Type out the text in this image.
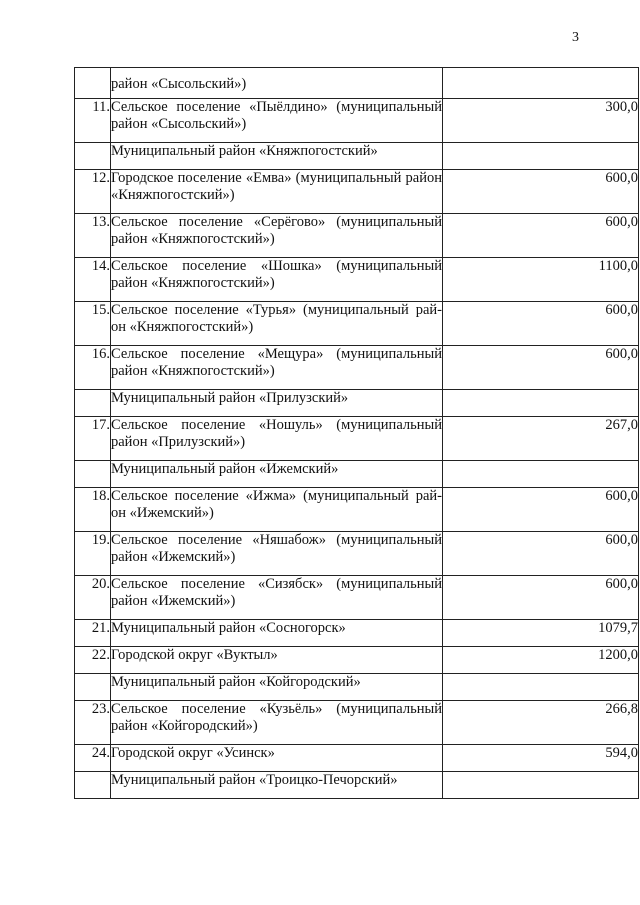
3
	район «Сысольский»)	
11.	Сельское поселение «Пыёлдино» (муниципальный район «Сысольский»)	300,0
	Муниципальный район «Княжпогостский»	
12.	Городское поселение «Емва» (муниципальный район «Княжпогостский»)	600,0
13.	Сельское поселение «Серёгово» (муниципальный район «Княжпогостский»)	600,0
14.	Сельское поселение «Шошка» (муниципальный район «Княжпогостский»)	1100,0
15.	Сельское поселение «Турья» (муниципальный рай-он «Княжпогостский»)	600,0
16.	Сельское поселение «Мещура» (муниципальный район «Княжпогостский»)	600,0
	Муниципальный район «Прилузский»	
17.	Сельское поселение «Ношуль» (муниципальный район «Прилузский»)	267,0
	Муниципальный район «Ижемский»	
18.	Сельское поселение «Ижма» (муниципальный рай-он «Ижемский»)	600,0
19.	Сельское поселение «Няшабож» (муниципальный район «Ижемский»)	600,0
20.	Сельское поселение «Сизябск» (муниципальный район «Ижемский»)	600,0
21.	Муниципальный район «Сосногорск»	1079,7
22.	Городской округ «Вуктыл»	1200,0
	Муниципальный район «Койгородский»	
23.	Сельское поселение «Кузьёль» (муниципальный район «Койгородский»)	266,8
24.	Городской округ «Усинск»	594,0
	Муниципальный район «Троицко-Печорский»	
